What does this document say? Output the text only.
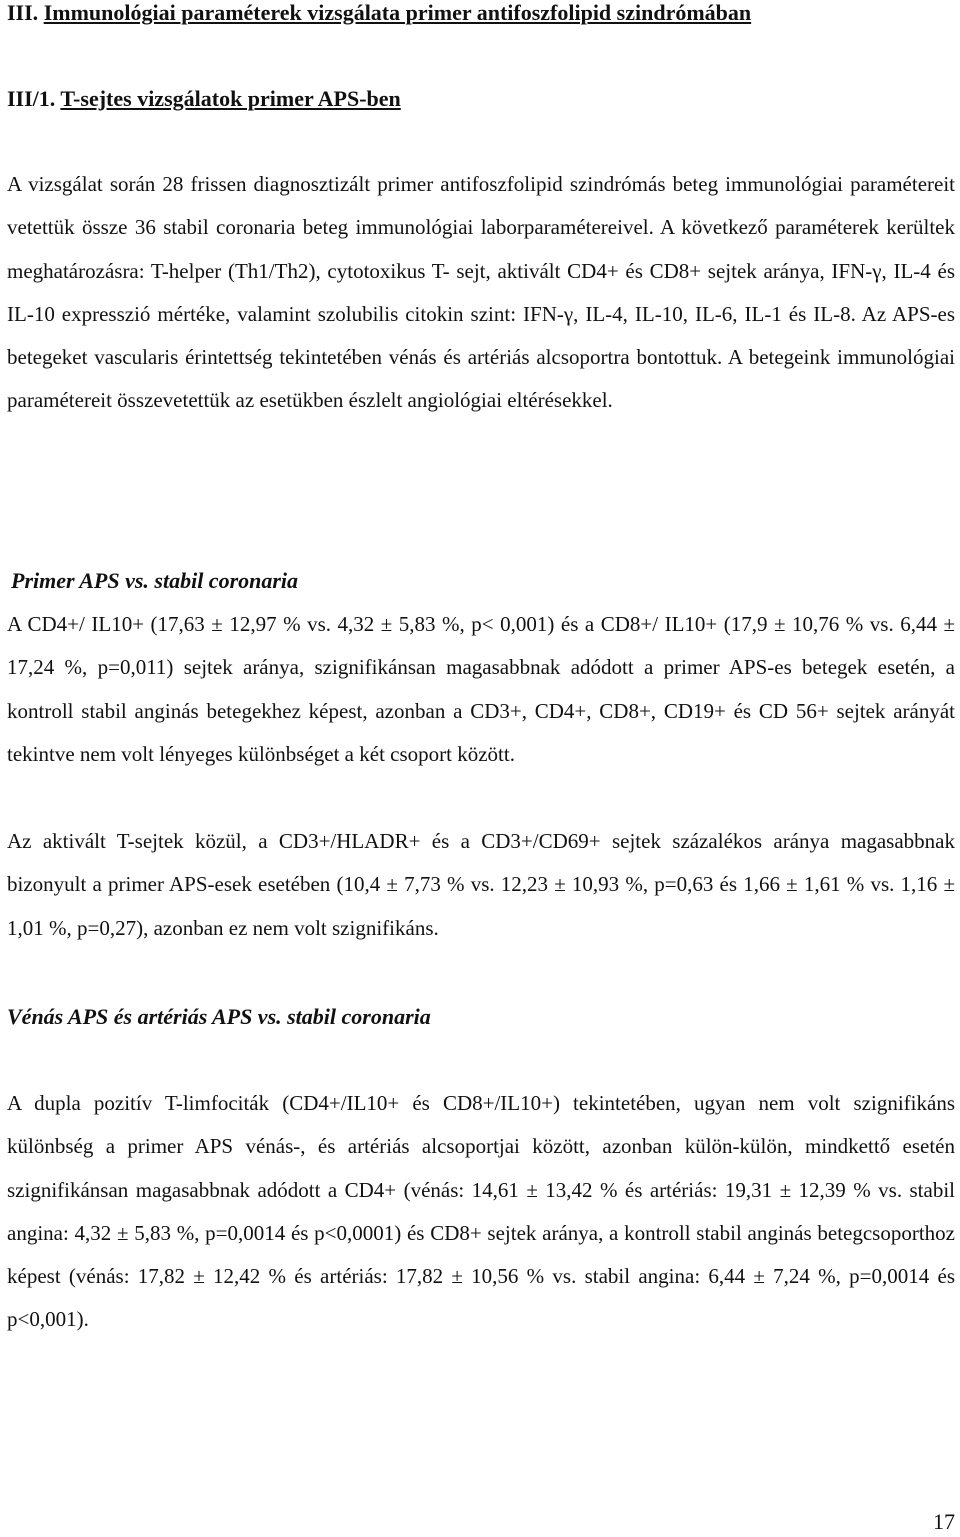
III. Immunológiai paraméterek vizsgálata primer antifoszfolipid szindrómában
III/1. T-sejtes vizsgálatok primer APS-ben

A vizsgálat során 28 frissen diagnosztizált primer antifoszfolipid szindrómás beteg immunológiai paramétereit vetettük össze 36 stabil coronaria beteg immunológiai laborparamétereivel. A következő paraméterek kerültek meghatározásra: T-helper (Th1/Th2), cytotoxikus T- sejt, aktivált CD4+ és CD8+ sejtek aránya, IFN-γ, IL-4 és IL-10 expresszió mértéke, valamint szolubilis citokin szint: IFN-γ, IL-4, IL-10, IL-6, IL-1 és IL-8. Az APS-es betegeket vascularis érintettség tekintetében vénás és artériás alcsoportra bontottuk. A betegeink immunológiai paramétereit összevetettük az esetükben észlelt angiológiai eltérésekkel.

Primer APS vs. stabil coronaria

A CD4+/ IL10+ (17,63 ± 12,97 % vs. 4,32 ± 5,83 %, p< 0,001) és a CD8+/ IL10+ (17,9 ± 10,76 % vs. 6,44 ± 17,24 %, p=0,011) sejtek aránya, szignifikánsan magasabbnak adódott a primer APS-es betegek esetén, a kontroll stabil anginás betegekhez képest, azonban a CD3+, CD4+, CD8+, CD19+ és CD 56+ sejtek arányát tekintve nem volt lényeges különbséget a két csoport között.

Az aktivált T-sejtek közül, a CD3+/HLADR+ és a CD3+/CD69+ sejtek százalékos aránya magasabbnak bizonyult a primer APS-esek esetében (10,4 ± 7,73 % vs. 12,23 ± 10,93 %, p=0,63 és 1,66 ± 1,61 % vs. 1,16 ± 1,01 %, p=0,27), azonban ez nem volt szignifikáns.

Vénás APS és artériás APS vs. stabil coronaria

A dupla pozitív T-limfociták (CD4+/IL10+ és CD8+/IL10+) tekintetében, ugyan nem volt szignifikáns különbség a primer APS vénás-, és artériás alcsoportjai között, azonban külön-külön, mindkettő esetén szignifikánsan magasabbnak adódott a CD4+ (vénás: 14,61 ± 13,42 % és artériás: 19,31 ± 12,39 % vs. stabil angina: 4,32 ± 5,83 %, p=0,0014 és p<0,0001) és CD8+ sejtek aránya, a kontroll stabil anginás betegcsoporthoz képest (vénás: 17,82 ± 12,42 % és artériás: 17,82 ± 10,56 % vs. stabil angina: 6,44 ± 7,24 %, p=0,0014 és p<0,001).

17
